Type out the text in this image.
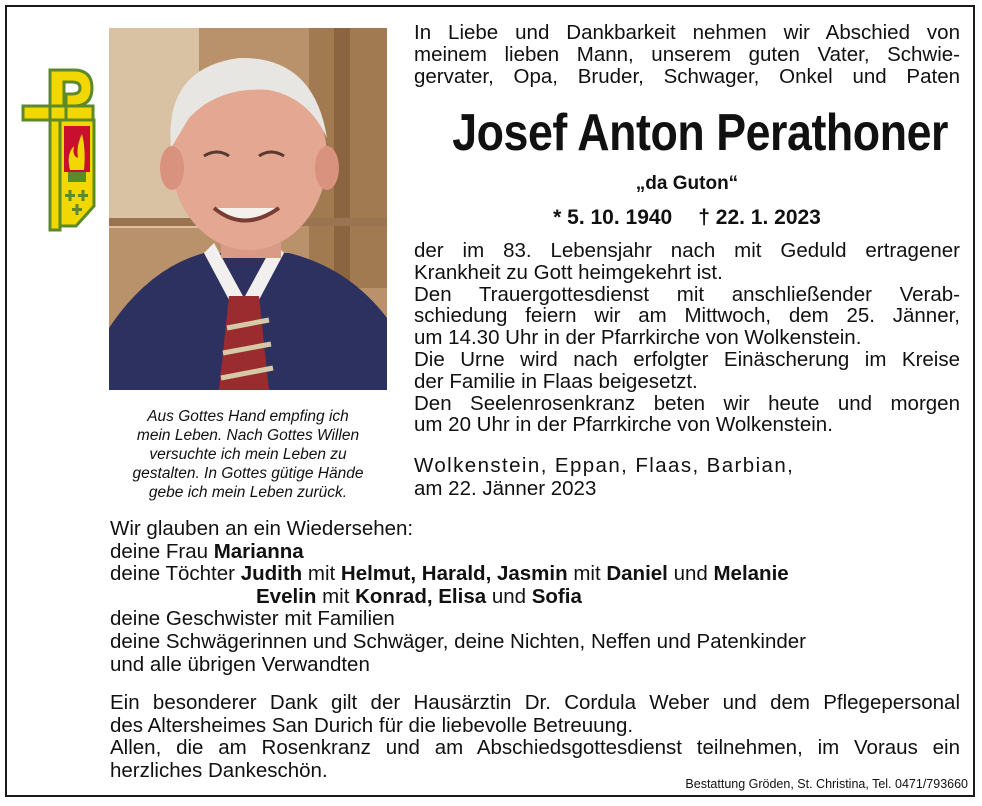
Aus Gottes Hand empfing ich
mein Leben. Nach Gottes Willen
versuchte ich mein Leben zu
gestalten. In Gottes gütige Hände
gebe ich mein Leben zurück.
In Liebe und Dankbarkeit nehmen wir Abschied von
meinem lieben Mann, unserem guten Vater, Schwie-
gervater, Opa, Bruder, Schwager, Onkel und Paten
Josef Anton Perathoner
„da Guton“
* 5. 10. 1940 † 22. 1. 2023
der im 83. Lebensjahr nach mit Geduld ertragener
Krankheit zu Gott heimgekehrt ist.
Den Trauergottesdienst mit anschließender Verab-
schiedung feiern wir am Mittwoch, dem 25. Jänner,
um 14.30 Uhr in der Pfarrkirche von Wolkenstein.
Die Urne wird nach erfolgter Einäscherung im Kreise
der Familie in Flaas beigesetzt.
Den Seelenrosenkranz beten wir heute und morgen
um 20 Uhr in der Pfarrkirche von Wolkenstein.
Wolkenstein, Eppan, Flaas, Barbian,
am 22. Jänner 2023
Wir glauben an ein Wiedersehen:
deine Frau Marianna
deine Töchter Judith mit Helmut, Harald, Jasmin mit Daniel und Melanie
Evelin mit Konrad, Elisa und Sofia
deine Geschwister mit Familien
deine Schwägerinnen und Schwäger, deine Nichten, Neffen und Patenkinder
und alle übrigen Verwandten
Ein besonderer Dank gilt der Hausärztin Dr. Cordula Weber und dem Pflegepersonal
des Altersheimes San Durich für die liebevolle Betreuung.
Allen, die am Rosenkranz und am Abschiedsgottesdienst teilnehmen, im Voraus ein
herzliches Dankeschön.
Bestattung Gröden, St. Christina, Tel. 0471/793660
